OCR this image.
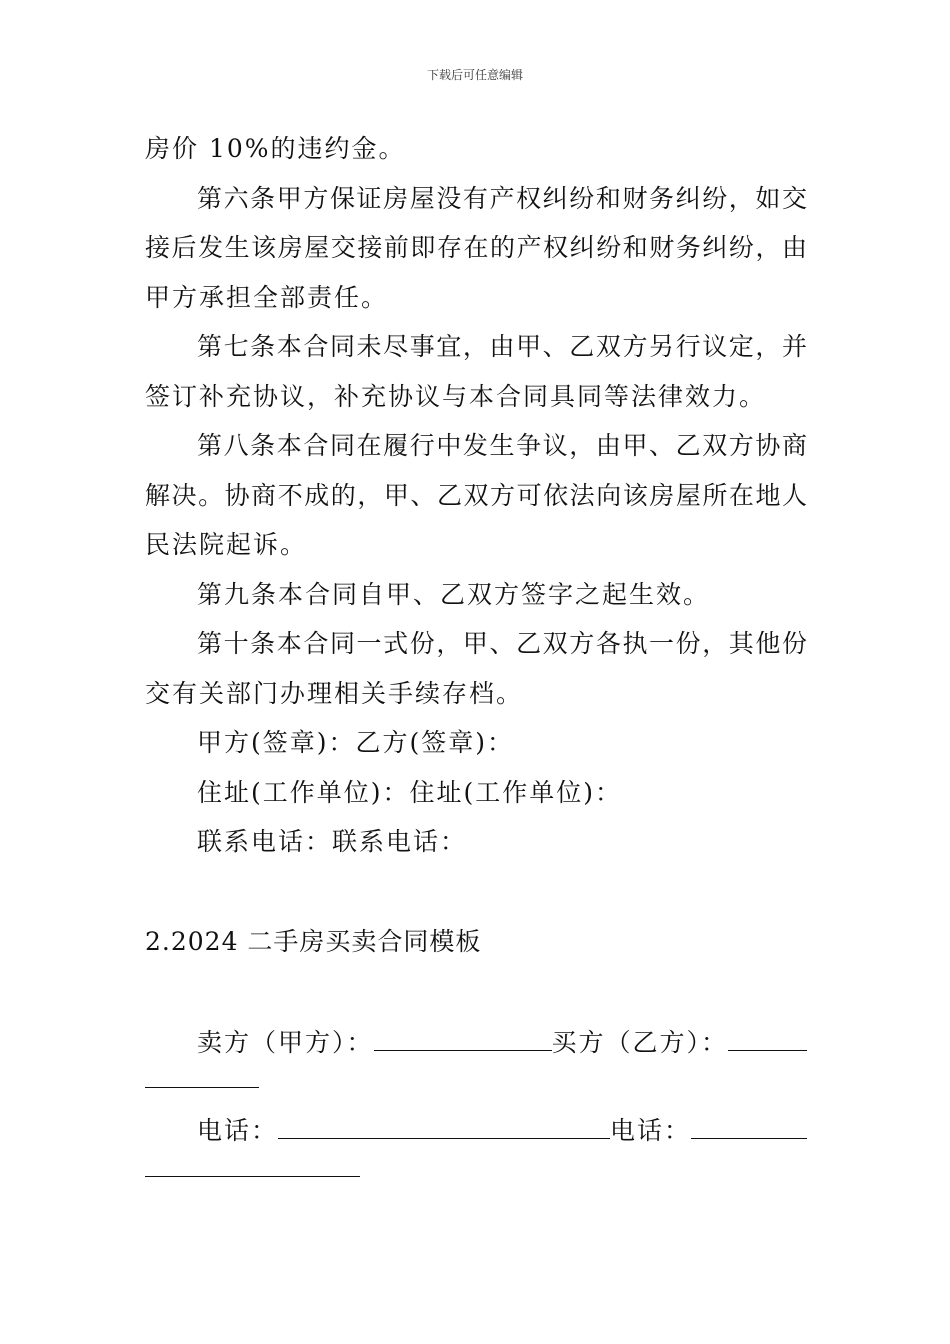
下载后可任意编辑
房价 10%的违约金。
第六条甲方保证房屋没有产权纠纷和财务纠纷，如交
接后发生该房屋交接前即存在的产权纠纷和财务纠纷，由
甲方承担全部责任。
第七条本合同未尽事宜，由甲、乙双方另行议定，并
签订补充协议，补充协议与本合同具同等法律效力。
第八条本合同在履行中发生争议，由甲、乙双方协商
解决。协商不成的，甲、乙双方可依法向该房屋所在地人
民法院起诉。
第九条本合同自甲、乙双方签字之起生效。
第十条本合同一式份，甲、乙双方各执一份，其他份
交有关部门办理相关手续存档。
甲方(签章)：乙方(签章)：
住址(工作单位)：住址(工作单位)：
联系电话：联系电话：
2.2024 二手房买卖合同模板
卖方（甲方）：	买方（乙方）：
电话：	电话：
